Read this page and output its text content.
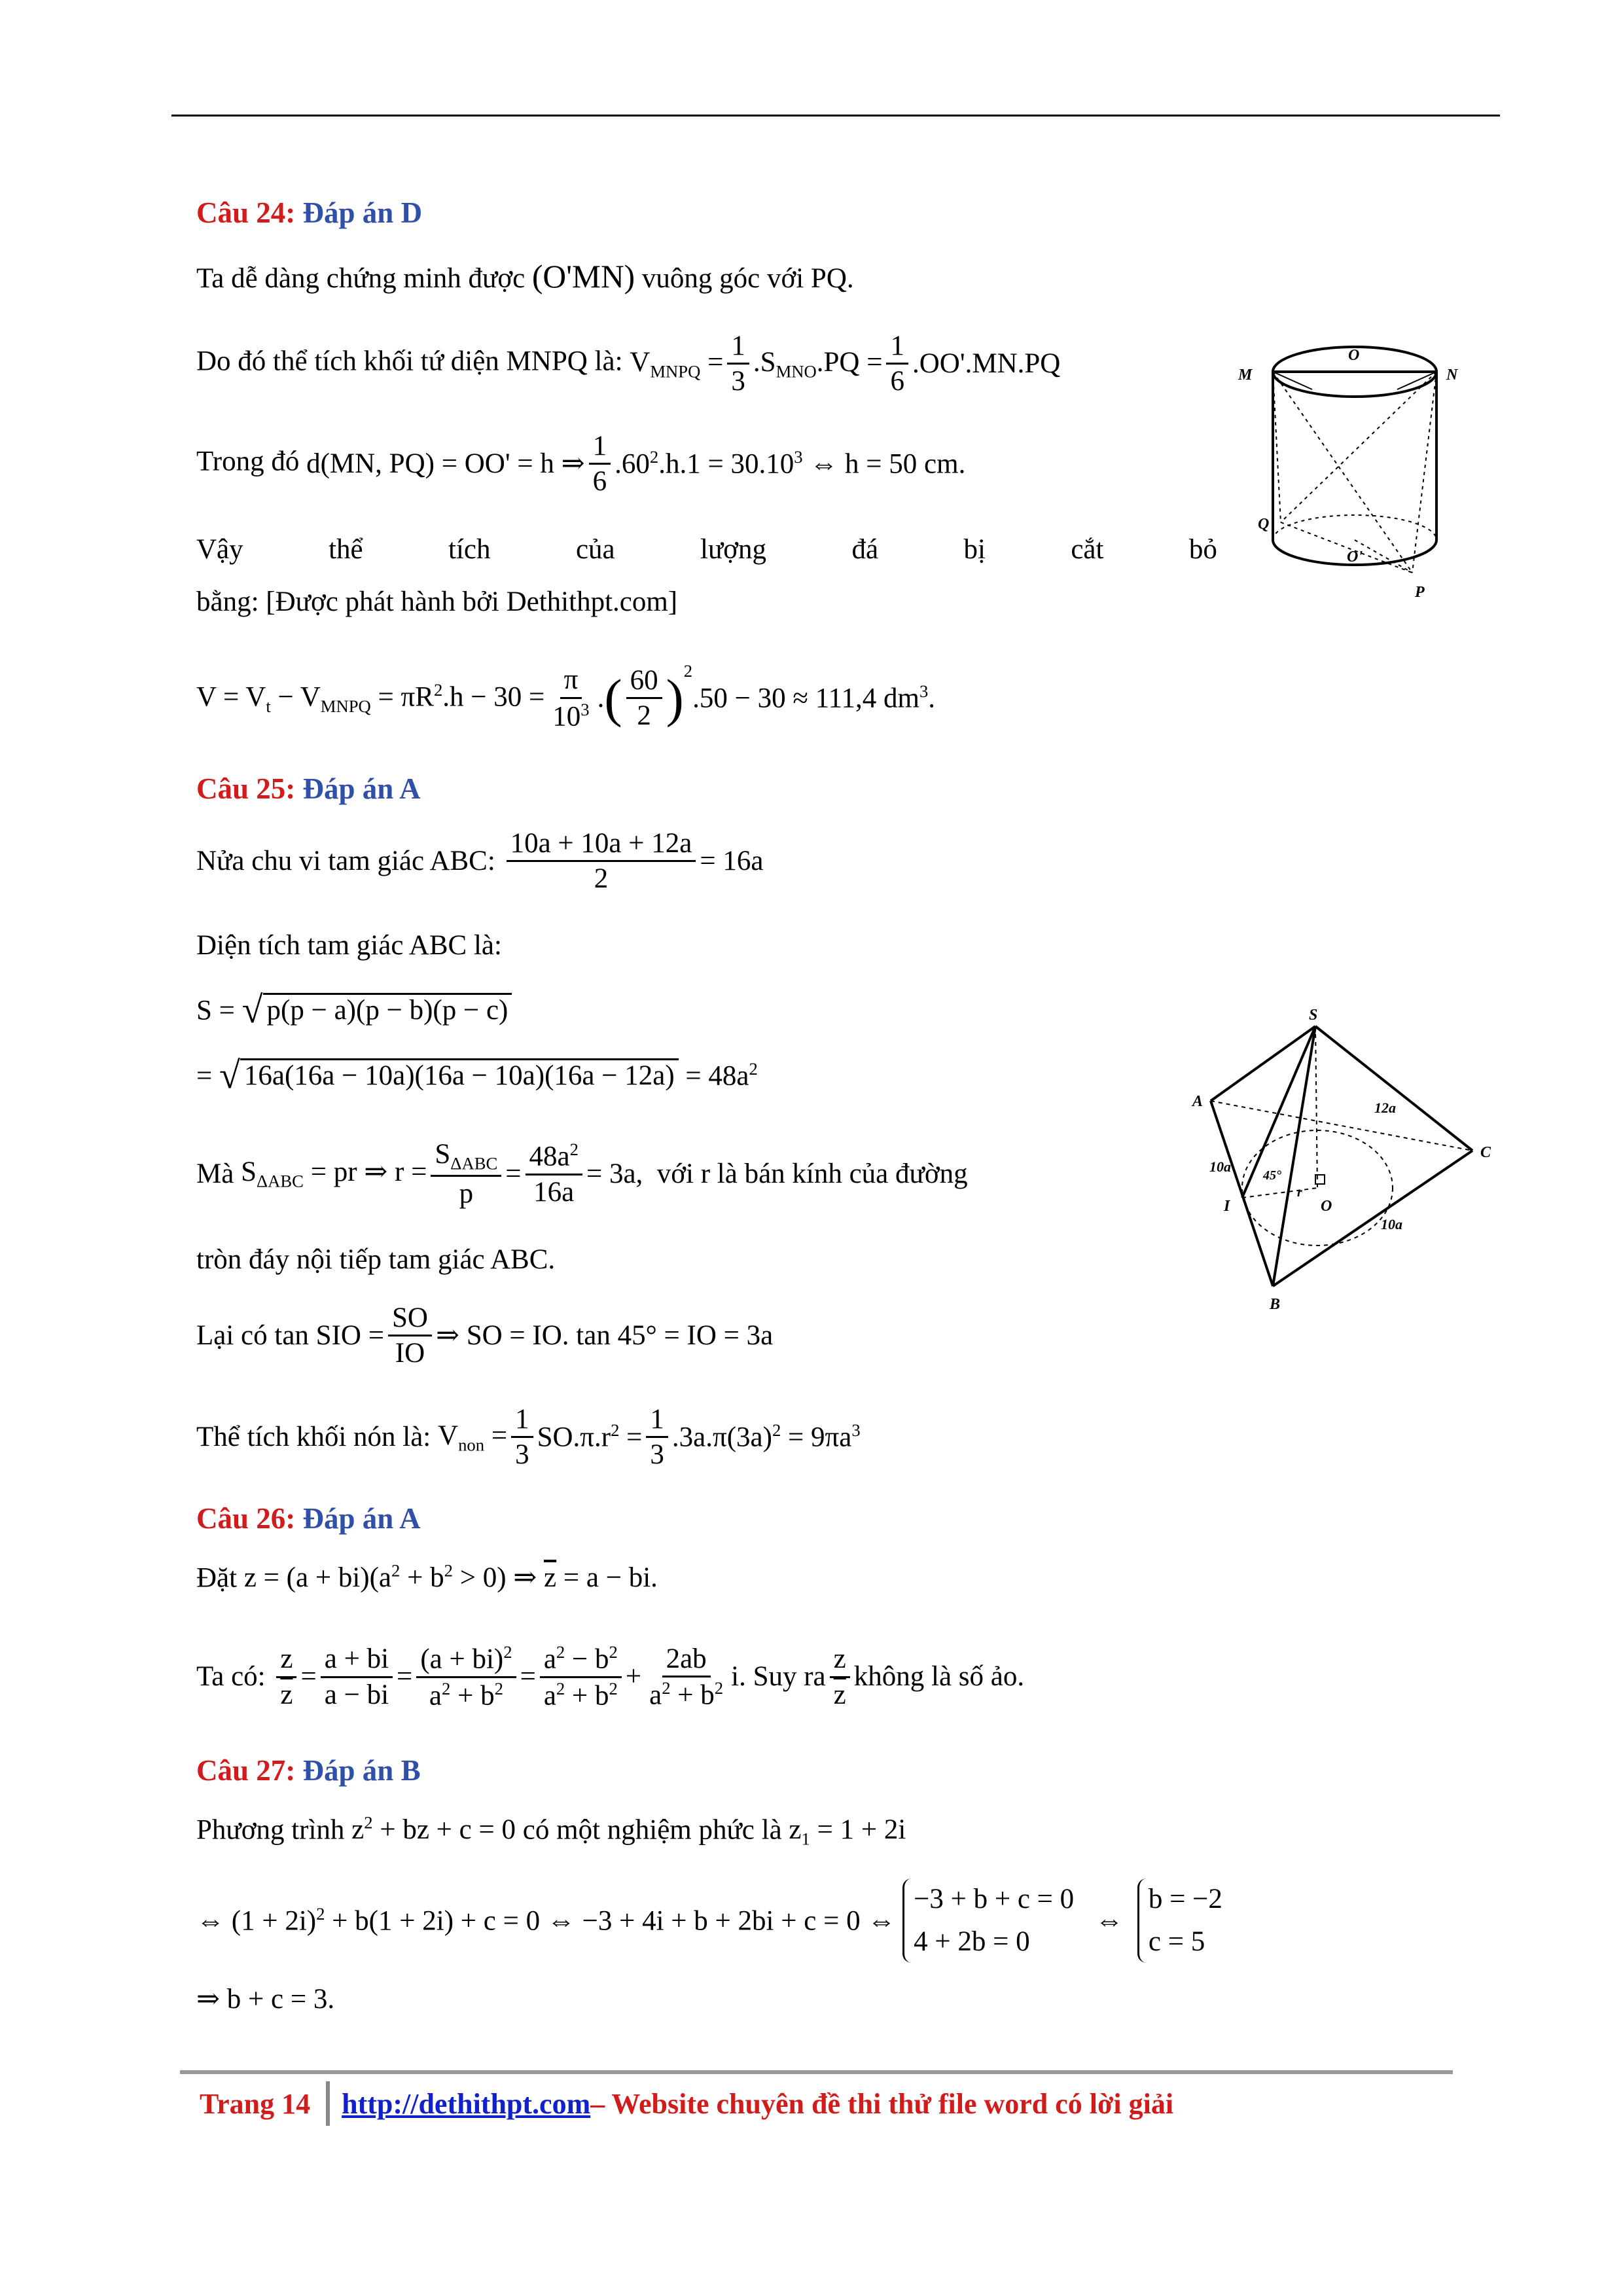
Câu 24: Đáp án D
Ta dễ dàng chứng minh được (O'MN) vuông góc với PQ.
Do đó thể tích khối tứ diện MNPQ là: $V_{MNPQ} = \frac{1}{3} .S_{MNO}.PQ = \frac{1}{6} .OO'.MN.PQ$
Trong đó d(MN, PQ) = OO' = h ⇒ $\frac{1}{6} .60^2.h.1 = 30.10^3$ ⇔ h = 50 cm.
Vậy	thể	tích	của	lượng	đá	bị	cắt	bỏ
bằng: [Được phát hành bởi Dethithpt.com]
$V = V_t - V_{MNPQ} = \pi R^2.h - 30 = \frac{\pi}{10^3}$ .( $\frac{60}{2} )^2.50 - 30 \approx 111,4$ $dm^3$.
M	N
O
Q
O'
P
Câu 25: Đáp án A
Nửa chu vi tam giác ABC: $\frac{10a + 10a + 12a}{2} = 16a$
Diện tích tam giác ABC là:
S = √ p(p − a)(p − b)(p − c)
= √ $16a(16a - 10a)(16a - 10a)(16a - 12a) = 48a^2$
Mà $S_{\Delta ABC}$ = pr ⇒ $r = \frac{S_{\Delta ABC}}{p} = \frac{48a^2}{16a} = 3a$,  với r là bán kính của đường
tròn đáy nội tiếp tam giác ABC.
Lại có tan SIO = $\frac{SO}{IO}$ ⇒ SO = IO. tan 45° = IO = 3a
Thể tích khối nón là: $V_{non} = \frac{1}{3} SO.\pi.r^2 = \frac{1}{3} .3a.\pi(3a)^2 = 9\pi a^3$
S
A
B
C
I	O
r
45°
12a
10a
10a
Câu 26: Đáp án A
Đặt $z = (a + bi)(a^2 + b^2 > 0)$ ⇒ $\overline{z} = a$ − bi.
Ta có: $\frac{z}{z} = \frac{a + bi}{a - bi} = \frac{(a + bi)^2}{a^2 + b^2} = \frac{a^2 - b^2}{a^2 + b^2} + \frac{2ab}{a^2 + b^2} i$. Suy ra $\frac{z}{z}$ không là số ảo.
Câu 27: Đáp án B
Phương trình $z^2$ + bz + c = 0 có một nghiệm phức là $z_1 = 1 + 2i$
⇔ $(1 + 2i)^2 + b(1 + 2i) + c = 0$ ⇔ −3 + 4i + b + 2bi + c = 0 ⇔ −3 + b + c = 0
4 + 2b = 0   ⇔  b = −2
c = 5
⇒ b + c = 3.
Trang 14 http://dethithpt.com – Website chuyên đề thi thử file word có lời giải
